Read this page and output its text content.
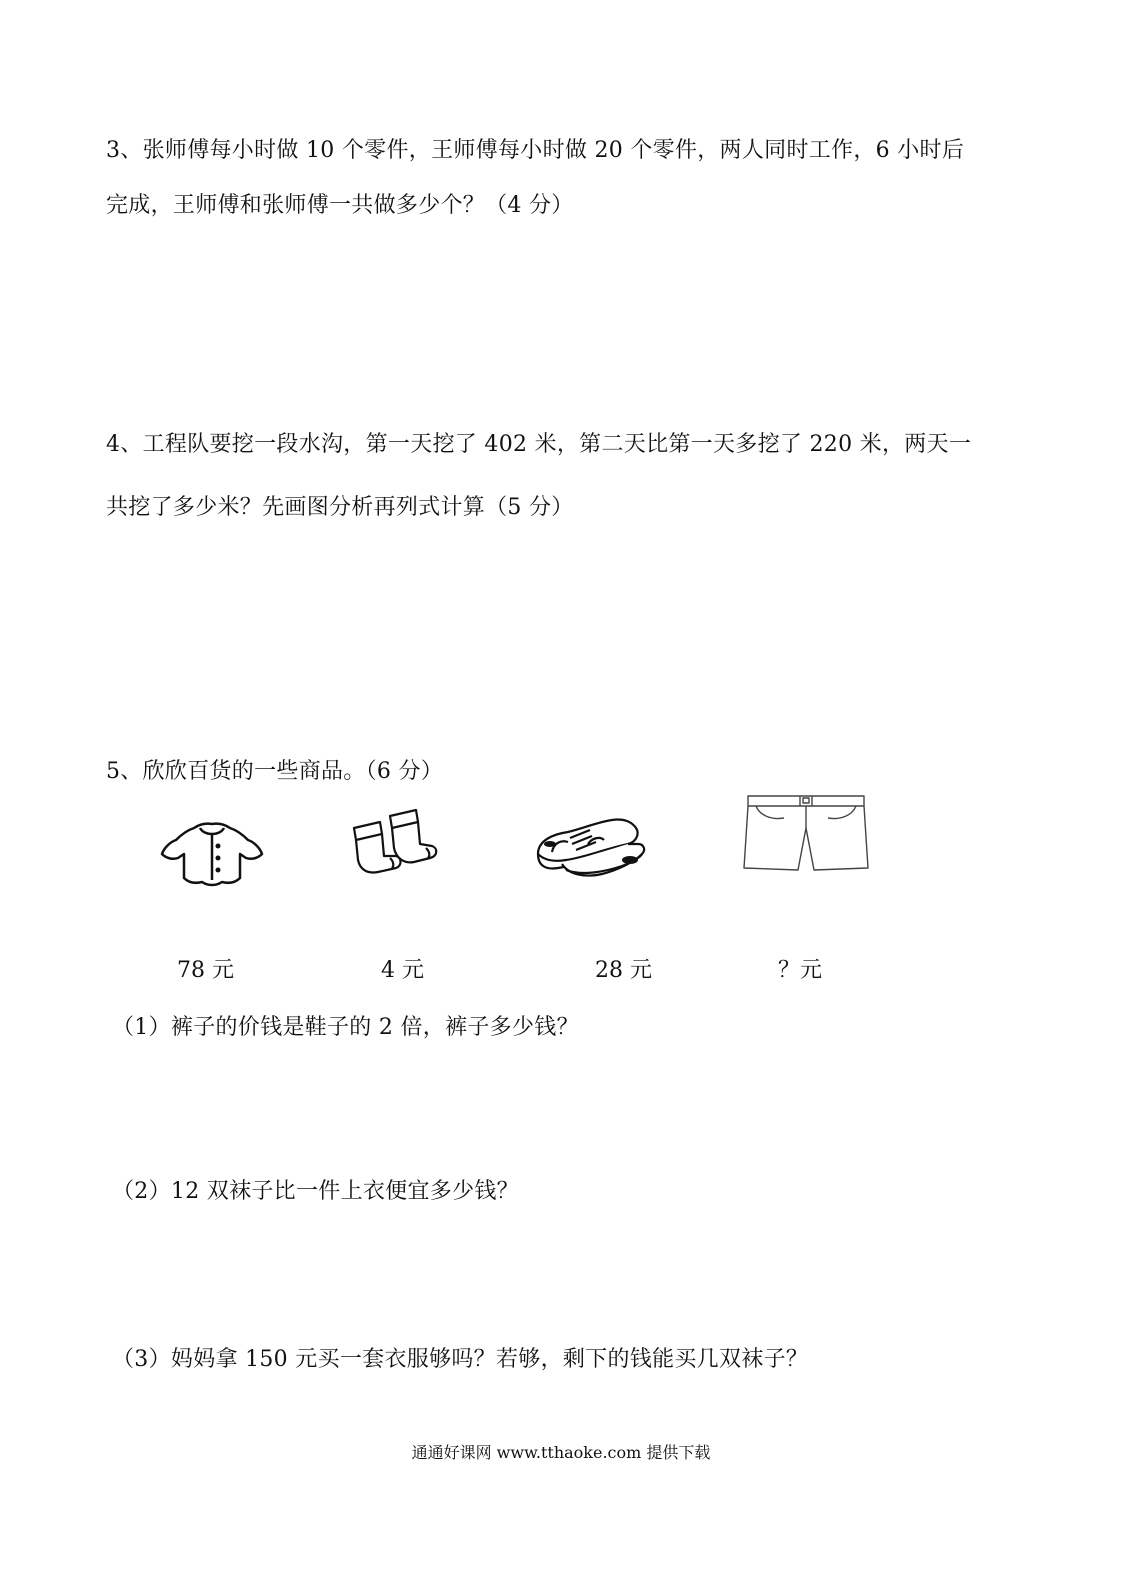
3、张师傅每小时做 10 个零件，王师傅每小时做 20 个零件，两人同时工作，6 小时后
完成，王师傅和张师傅一共做多少个？（4 分）
4、工程队要挖一段水沟，第一天挖了 402 米，第二天比第一天多挖了 220 米，两天一
共挖了多少米？先画图分析再列式计算（5 分）
5、欣欣百货的一些商品。（6 分）
78 元	4 元	28 元	？元
（1）裤子的价钱是鞋子的 2 倍，裤子多少钱？
（2）12 双袜子比一件上衣便宜多少钱？
（3）妈妈拿 150 元买一套衣服够吗？若够，剩下的钱能买几双袜子？
通通好课网 www.tthaoke.com 提供下载
